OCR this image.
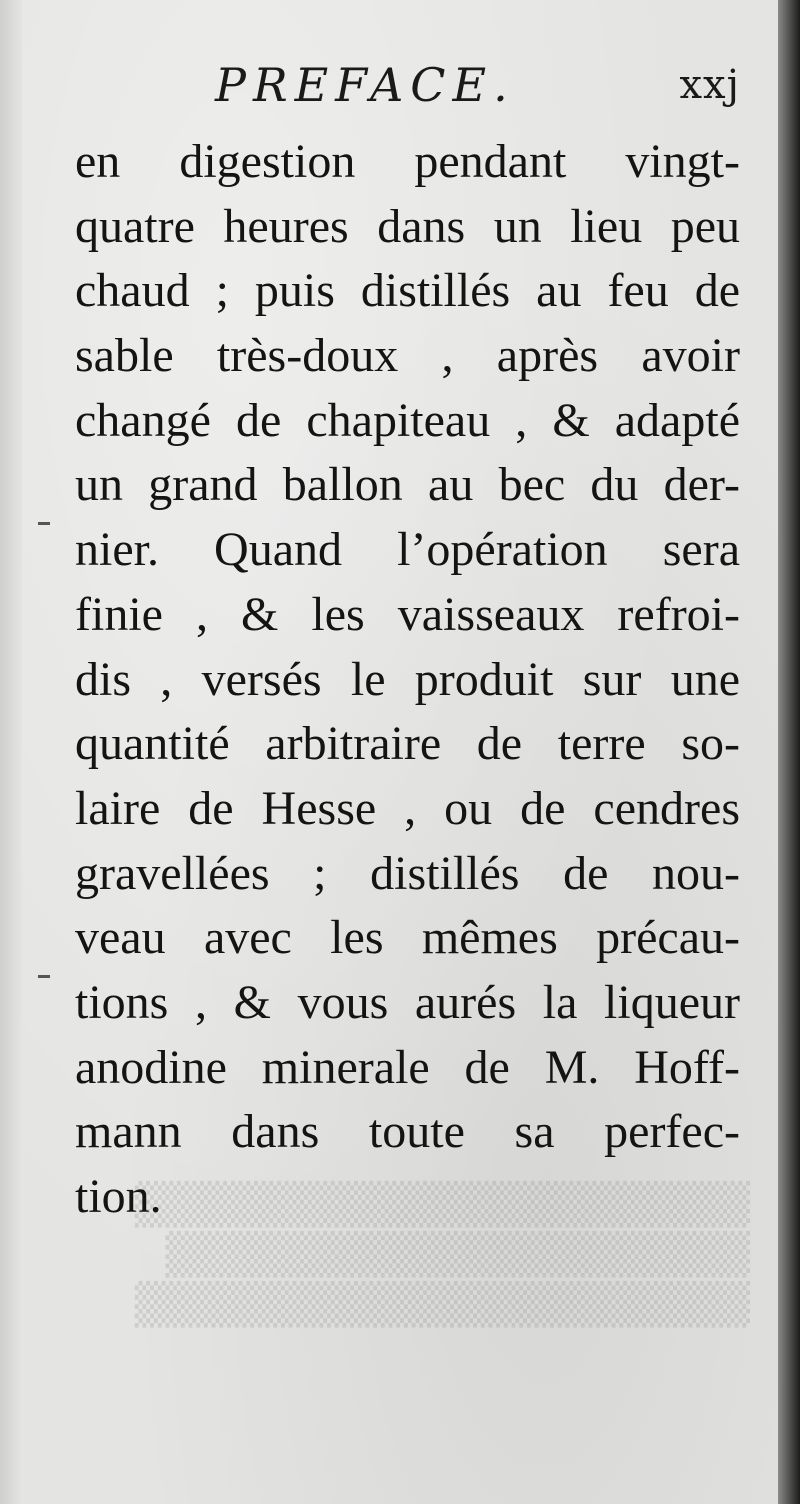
▒▒▒▒▒▒▒▒▒▒▒▒▒▒▒▒▒▒▒▒
▒▒▒▒▒▒▒▒▒▒▒▒▒▒▒▒▒▒▒
▒▒▒▒▒▒▒▒▒▒▒▒▒▒▒▒▒▒▒▒
PREFACE.	xxj
en digestion pendant vingt-
quatre heures dans un lieu peu
chaud ; puis distillés au feu de
sable très-doux , après avoir
changé de chapiteau , & adapté
un grand ballon au bec du der-
nier. Quand l’opération sera
finie , & les vaisseaux refroi-
dis , versés le produit sur une
quantité arbitraire de terre so-
laire de Hesse , ou de cendres
gravellées ; distillés de nou-
veau avec les mêmes précau-
tions , & vous aurés la liqueur
anodine minerale de M. Hoff-
mann dans toute sa perfec-
tion.
